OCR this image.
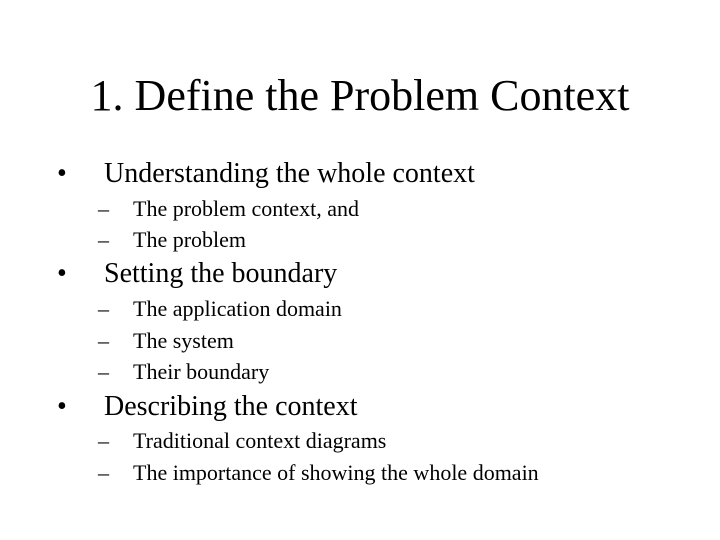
1. Define the Problem Context
• Understanding the whole context
– The problem context, and
– The problem
• Setting the boundary
– The application domain
– The system
– Their boundary
• Describing the context
– Traditional context diagrams
– The importance of showing the whole domain
